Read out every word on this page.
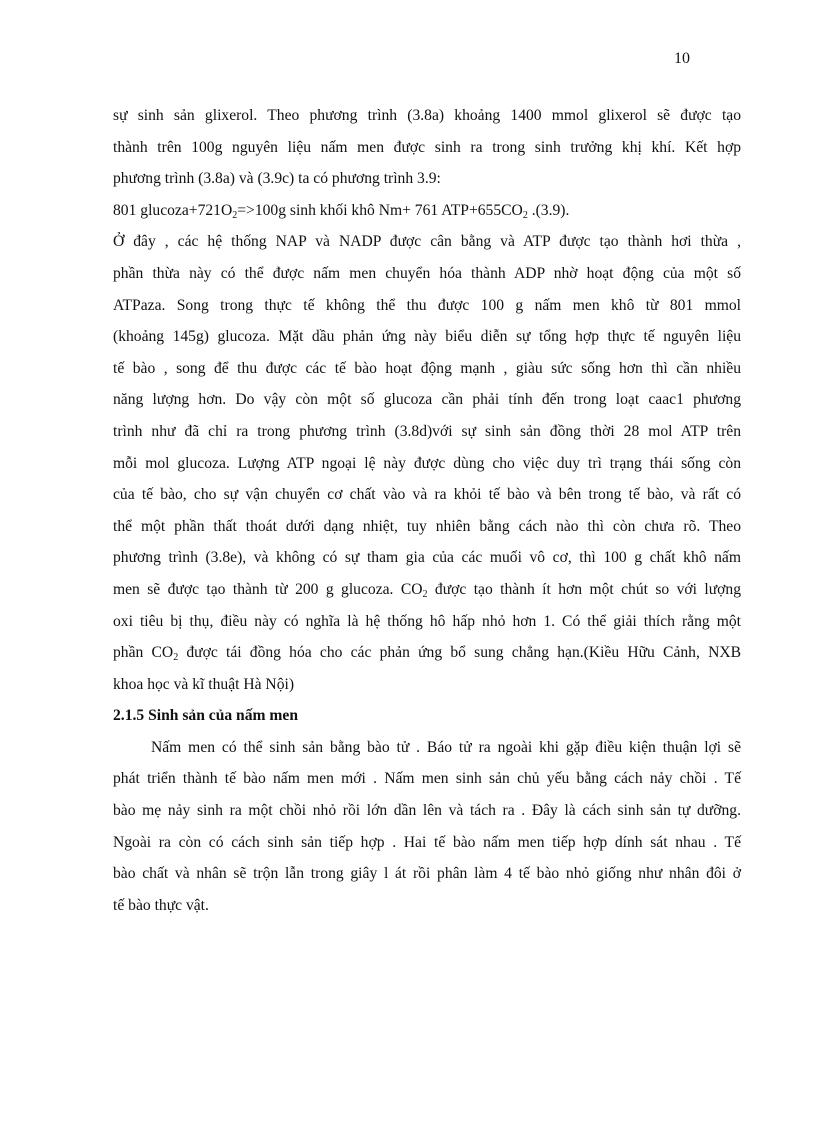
10
sự sinh sản glixerol. Theo phương trình (3.8a) khoảng 1400 mmol glixerol sẽ được tạo
thành trên 100g nguyên liệu nấm men được sinh ra trong sinh trưởng khị khí. Kết hợp
phương trình (3.8a) và (3.9c) ta có phương trình 3.9:
801 $glucoza+721O_2=>100g$ sinh khối khô Nm+ 761 $ATP+655CO_2$ .(3.9).
Ở đây , các hệ thống NAP và NADP được cân bằng và ATP được tạo thành hơi thừa ,
phần thừa này có thể được nấm men chuyển hóa thành ADP nhờ hoạt động của một số
ATPaza. Song trong thực tế không thể thu được 100 g nấm men khô từ 801 mmol
(khoảng 145g) glucoza. Mặt dầu phản ứng này biểu diễn sự tổng hợp thực tế nguyên liệu
tế bào , song để thu được các tế bào hoạt động mạnh , giàu sức sống hơn thì cần nhiều
năng lượng hơn. Do vậy còn một số glucoza cần phải tính đến trong loạt caac1 phương
trình như đã chỉ ra trong phương trình (3.8d)với sự sinh sản đồng thời 28 mol ATP trên
mỗi mol glucoza. Lượng ATP ngoại lệ này được dùng cho việc duy trì trạng thái sống còn
của tế bào, cho sự vận chuyển cơ chất vào và ra khỏi tế bào và bên trong tế bào, và rất có
thể một phần thất thoát dưới dạng nhiệt, tuy nhiên bằng cách nào thì còn chưa rõ. Theo
phương trình (3.8e), và không có sự tham gia của các muối vô cơ, thì 100 g chất khô nấm
men sẽ được tạo thành từ 200 g glucoza. $CO_2$ được tạo thành ít hơn một chút so với lượng
oxi tiêu bị thụ, điều này có nghĩa là hệ thống hô hấp nhỏ hơn 1. Có thể giải thích rằng một
phần $CO_2$ được tái đồng hóa cho các phản ứng bổ sung chẳng hạn.(Kiều Hữu Cảnh, NXB
khoa học và kĩ thuật Hà Nội)
2.1.5 Sinh sản của nấm men
Nấm men có thể sinh sản bằng bào tử . Báo tử ra ngoài khi gặp điều kiện thuận lợi sẽ
phát triển thành tế bào nấm men mới . Nấm men sinh sản chủ yếu bằng cách nảy chồi . Tế
bào mẹ nảy sinh ra một chồi nhỏ rồi lớn dần lên và tách ra . Đây là cách sinh sản tự dưỡng.
Ngoài ra còn có cách sinh sản tiếp hợp . Hai tế bào nấm men tiếp hợp dính sát nhau . Tế
bào chất và nhân sẽ trộn lẫn trong giây l át rồi phân làm 4 tế bào nhỏ giống như nhân đôi ở
tế bào thực vật.
